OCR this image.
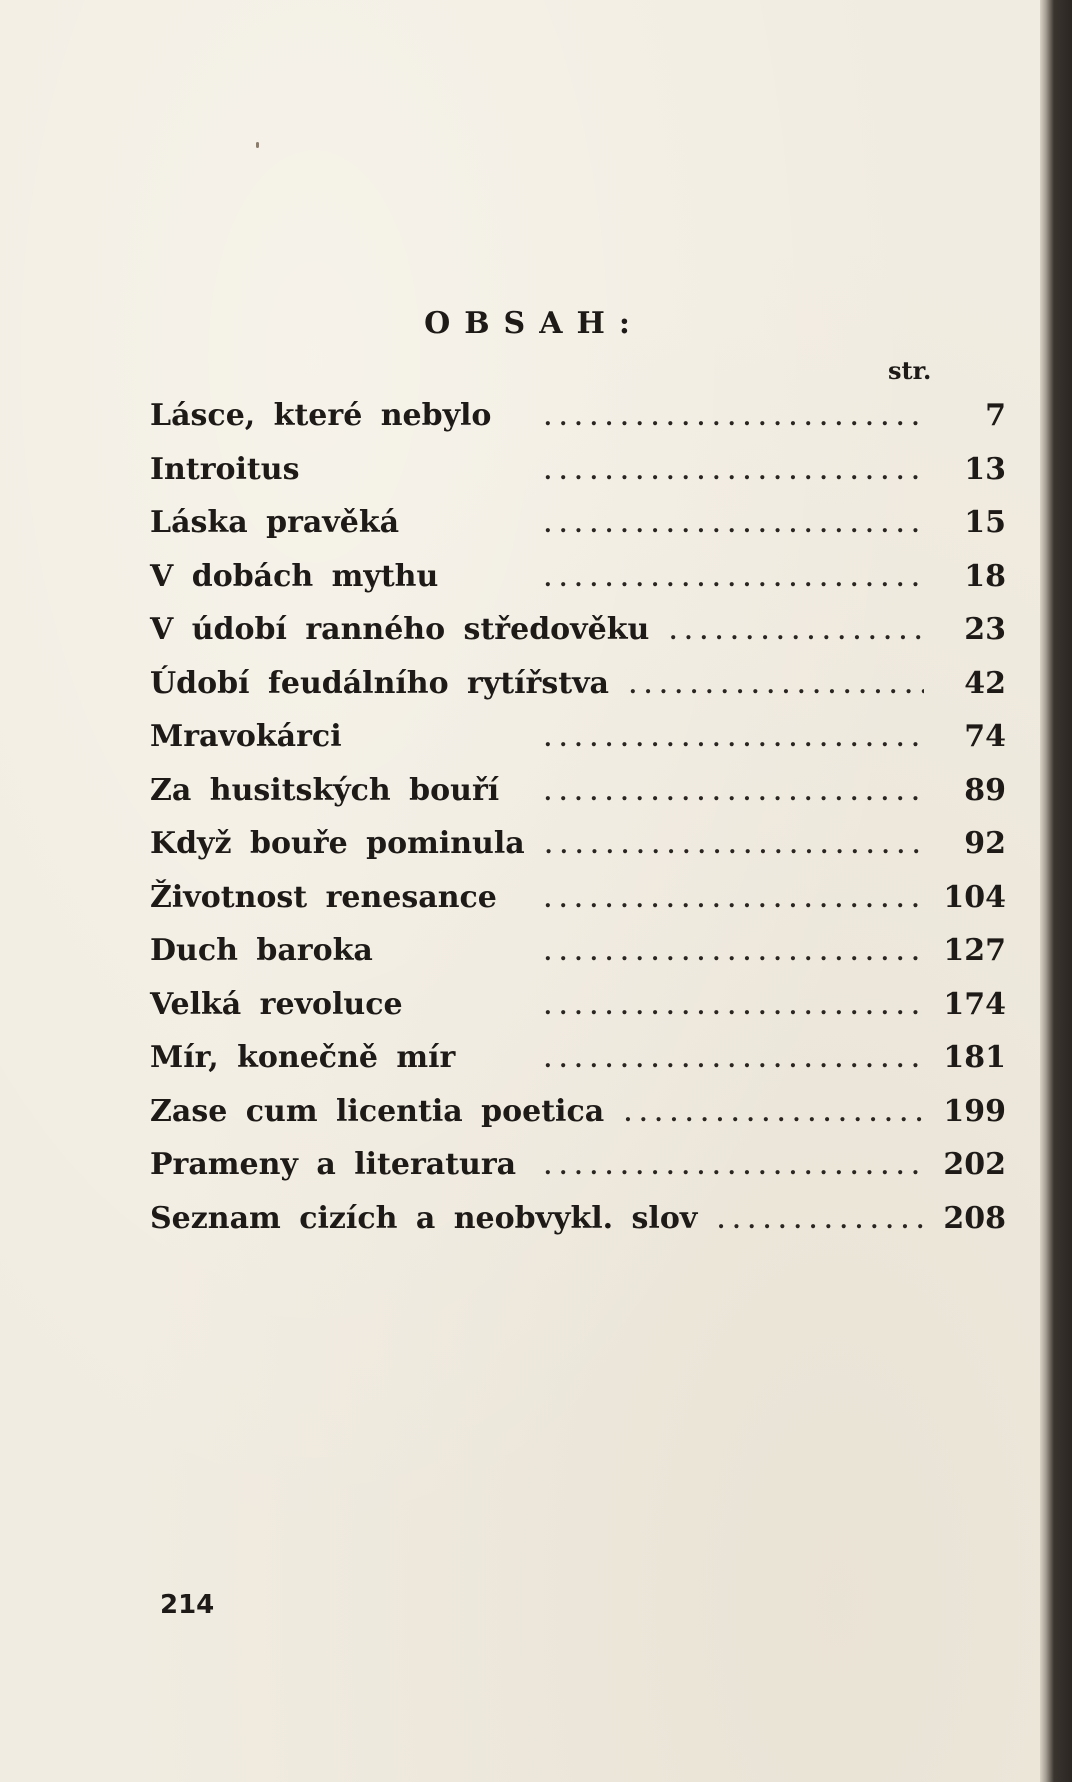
OBSAH:
str.
Lásce, které nebylo . . .	7
Introitus . . .	13
Láska pravěká . . .	15
V dobách mythu . . .	18
V údobí ranného středověku . . .	23
Údobí feudálního rytířstva . . .	42
Mravokárci . . .	74
Za husitských bouří . . .	89
Když bouře pominula . . .	92
Životnost renesance . . .	104
Duch baroka . . .	127
Velká revoluce . . .	174
Mír, konečně mír . . .	181
Zase cum licentia poetica . . .	199
Prameny a literatura . . .	202
Seznam cizích a neobvykl. slov . . .	208
214
